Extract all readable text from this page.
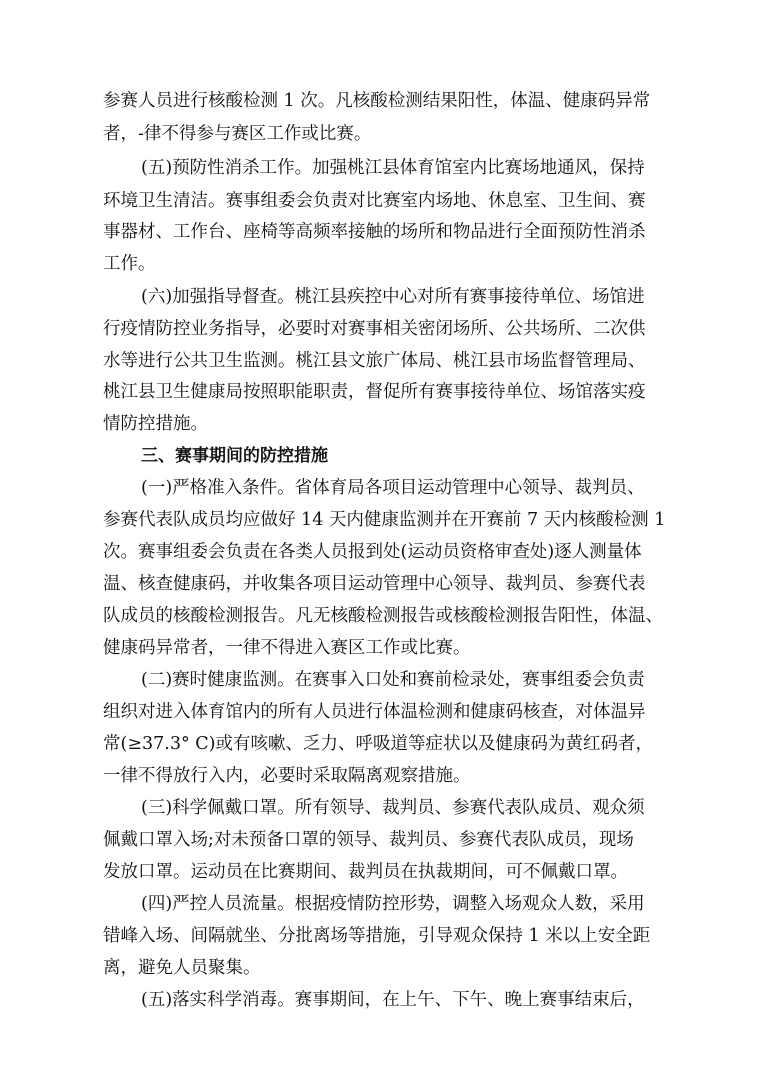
参赛人员进行核酸检测 1 次。凡核酸检测结果阳性，体温、健康码异常
者，-律不得参与赛区工作或比赛。
(五)预防性消杀工作。加强桃江县体育馆室内比赛场地通风，保持
环境卫生清洁。赛事组委会负责对比赛室内场地、休息室、卫生间、赛
事器材、工作台、座椅等高频率接触的场所和物品进行全面预防性消杀
工作。
(六)加强指导督查。桃江县疾控中心对所有赛事接待单位、场馆进
行疫情防控业务指导，必要时对赛事相关密闭场所、公共场所、二次供
水等进行公共卫生监测。桃江县文旅广体局、桃江县市场监督管理局、
桃江县卫生健康局按照职能职责，督促所有赛事接待单位、场馆落实疫
情防控措施。
三、赛事期间的防控措施
(一)严格准入条件。省体育局各项目运动管理中心领导、裁判员、
参赛代表队成员均应做好 14 天内健康监测并在开赛前 7 天内核酸检测 1
次。赛事组委会负责在各类人员报到处(运动员资格审查处)逐人测量体
温、核查健康码，并收集各项目运动管理中心领导、裁判员、参赛代表
队成员的核酸检测报告。凡无核酸检测报告或核酸检测报告阳性，体温、
健康码异常者，一律不得进入赛区工作或比赛。
(二)赛时健康监测。在赛事入口处和赛前检录处，赛事组委会负责
组织对进入体育馆内的所有人员进行体温检测和健康码核查，对体温异
常(≥37.3° C)或有咳嗽、乏力、呼吸道等症状以及健康码为黄红码者，
一律不得放行入内，必要时采取隔离观察措施。
(三)科学佩戴口罩。所有领导、裁判员、参赛代表队成员、观众须
佩戴口罩入场;对未预备口罩的领导、裁判员、参赛代表队成员，现场
发放口罩。运动员在比赛期间、裁判员在执裁期间，可不佩戴口罩。
(四)严控人员流量。根据疫情防控形势，调整入场观众人数，采用
错峰入场、间隔就坐、分批离场等措施，引导观众保持 1 米以上安全距
离，避免人员聚集。
(五)落实科学消毒。赛事期间，在上午、下午、晚上赛事结束后，
